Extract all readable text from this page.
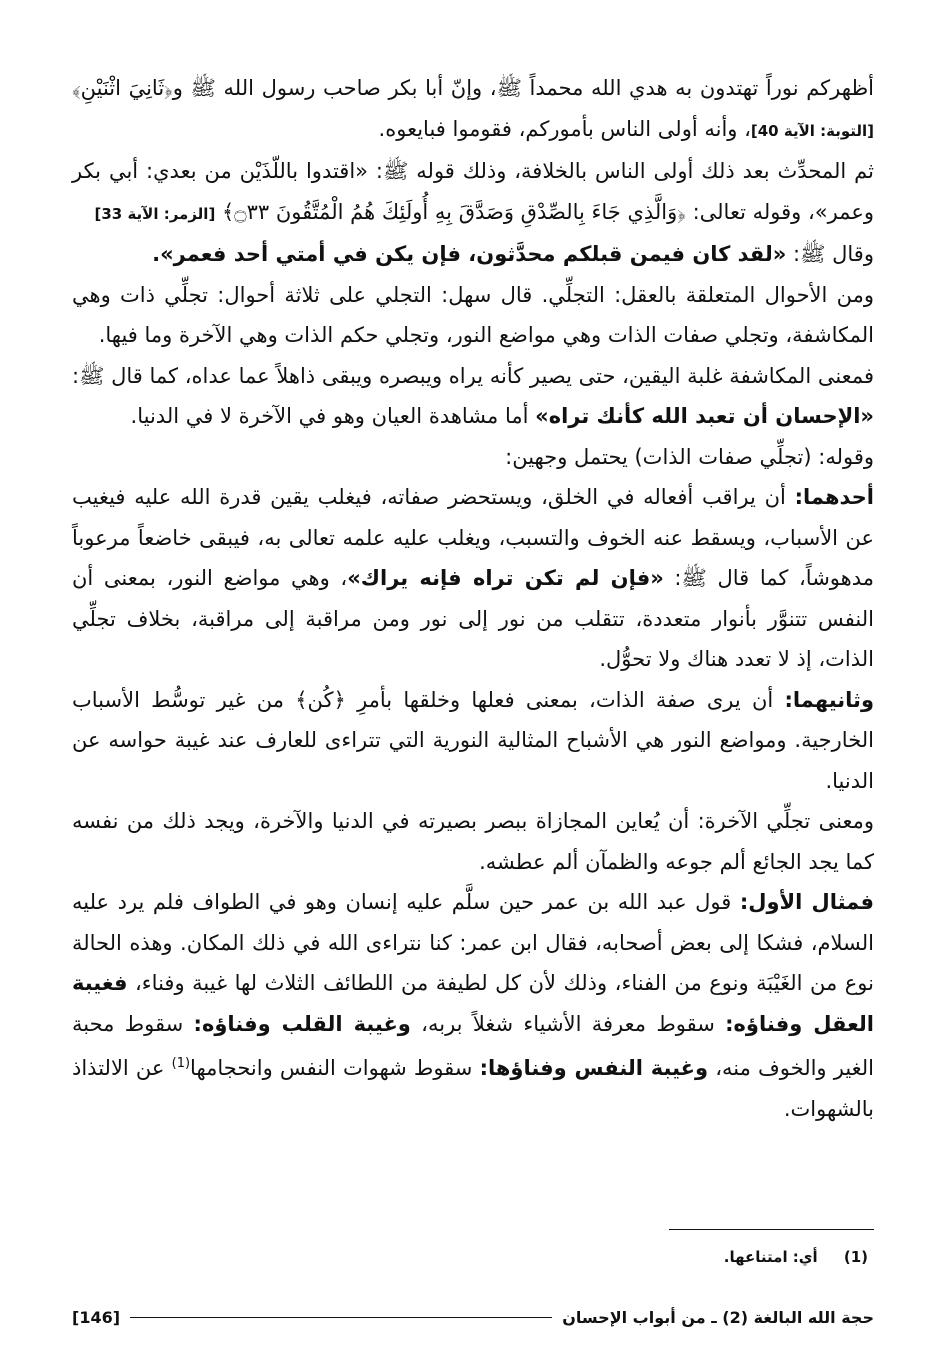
أظهركم نوراً تهتدون به هدي الله محمداً ﷺ، وإنّ أبا بكر صاحب رسول الله ﷺ و﴿ثَانِيَ اثْنَيْنِ﴾ [التوبة: الآية 40]، وأنه أولى الناس بأموركم، فقوموا فبايعوه.

ثم المحدِّث بعد ذلك أولى الناس بالخلافة، وذلك قوله ﷺ: «اقتدوا باللّذَيْن من بعدي: أبي بكر وعمر»، وقوله تعالى: ﴿وَالَّذِي جَاءَ بِالصِّدْقِ وَصَدَّقَ بِهِ أُولَئِكَ هُمُ الْمُتَّقُونَ ۝٣٣﴾ [الزمر: الآية 33]

وقال ﷺ: «لقد كان فيمن قبلكم محدَّثون، فإن يكن في أمتي أحد فعمر».

ومن الأحوال المتعلقة بالعقل: التجلِّي. قال سهل: التجلي على ثلاثة أحوال: تجلِّي ذات وهي المكاشفة، وتجلي صفات الذات وهي مواضع النور، وتجلي حكم الذات وهي الآخرة وما فيها.

فمعنى المكاشفة غلبة اليقين، حتى يصير كأنه يراه ويبصره ويبقى ذاهلاً عما عداه، كما قال ﷺ: «الإحسان أن تعبد الله كأنك تراه» أما مشاهدة العيان وهو في الآخرة لا في الدنيا.

وقوله: (تجلِّي صفات الذات) يحتمل وجهين:

أحدهما: أن يراقب أفعاله في الخلق، ويستحضر صفاته، فيغلب يقين قدرة الله عليه فيغيب عن الأسباب، ويسقط عنه الخوف والتسبب، ويغلب عليه علمه تعالى به، فيبقى خاضعاً مرعوباً مدهوشاً، كما قال ﷺ: «فإن لم تكن تراه فإنه يراك»، وهي مواضع النور، بمعنى أن النفس تتنوَّر بأنوار متعددة، تتقلب من نور إلى نور ومن مراقبة إلى مراقبة، بخلاف تجلِّي الذات، إذ لا تعدد هناك ولا تحوُّل.

وثانيهما: أن يرى صفة الذات، بمعنى فعلها وخلقها بأمرِ ﴿كُن﴾ من غير توسُّط الأسباب الخارجية. ومواضع النور هي الأشباح المثالية النورية التي تتراءى للعارف عند غيبة حواسه عن الدنيا.

ومعنى تجلِّي الآخرة: أن يُعاين المجازاة ببصر بصيرته في الدنيا والآخرة، ويجد ذلك من نفسه كما يجد الجائع ألم جوعه والظمآن ألم عطشه.

فمثال الأول: قول عبد الله بن عمر حين سلَّم عليه إنسان وهو في الطواف فلم يرد عليه السلام، فشكا إلى بعض أصحابه، فقال ابن عمر: كنا نتراءى الله في ذلك المكان. وهذه الحالة نوع من الغَيْبَة ونوع من الفناء، وذلك لأن كل لطيفة من اللطائف الثلاث لها غيبة وفناء، فغيبة العقل وفناؤه: سقوط معرفة الأشياء شغلاً بربه، وغيبة القلب وفناؤه: سقوط محبة الغير والخوف منه، وغيبة النفس وفناؤها: سقوط شهوات النفس وانحجامها$^{(1)}$ عن الالتذاذ بالشهوات.

(1)     أي: امتناعها.
حجة الله البالغة (2) ـ من أبواب الإحسان
[146]
